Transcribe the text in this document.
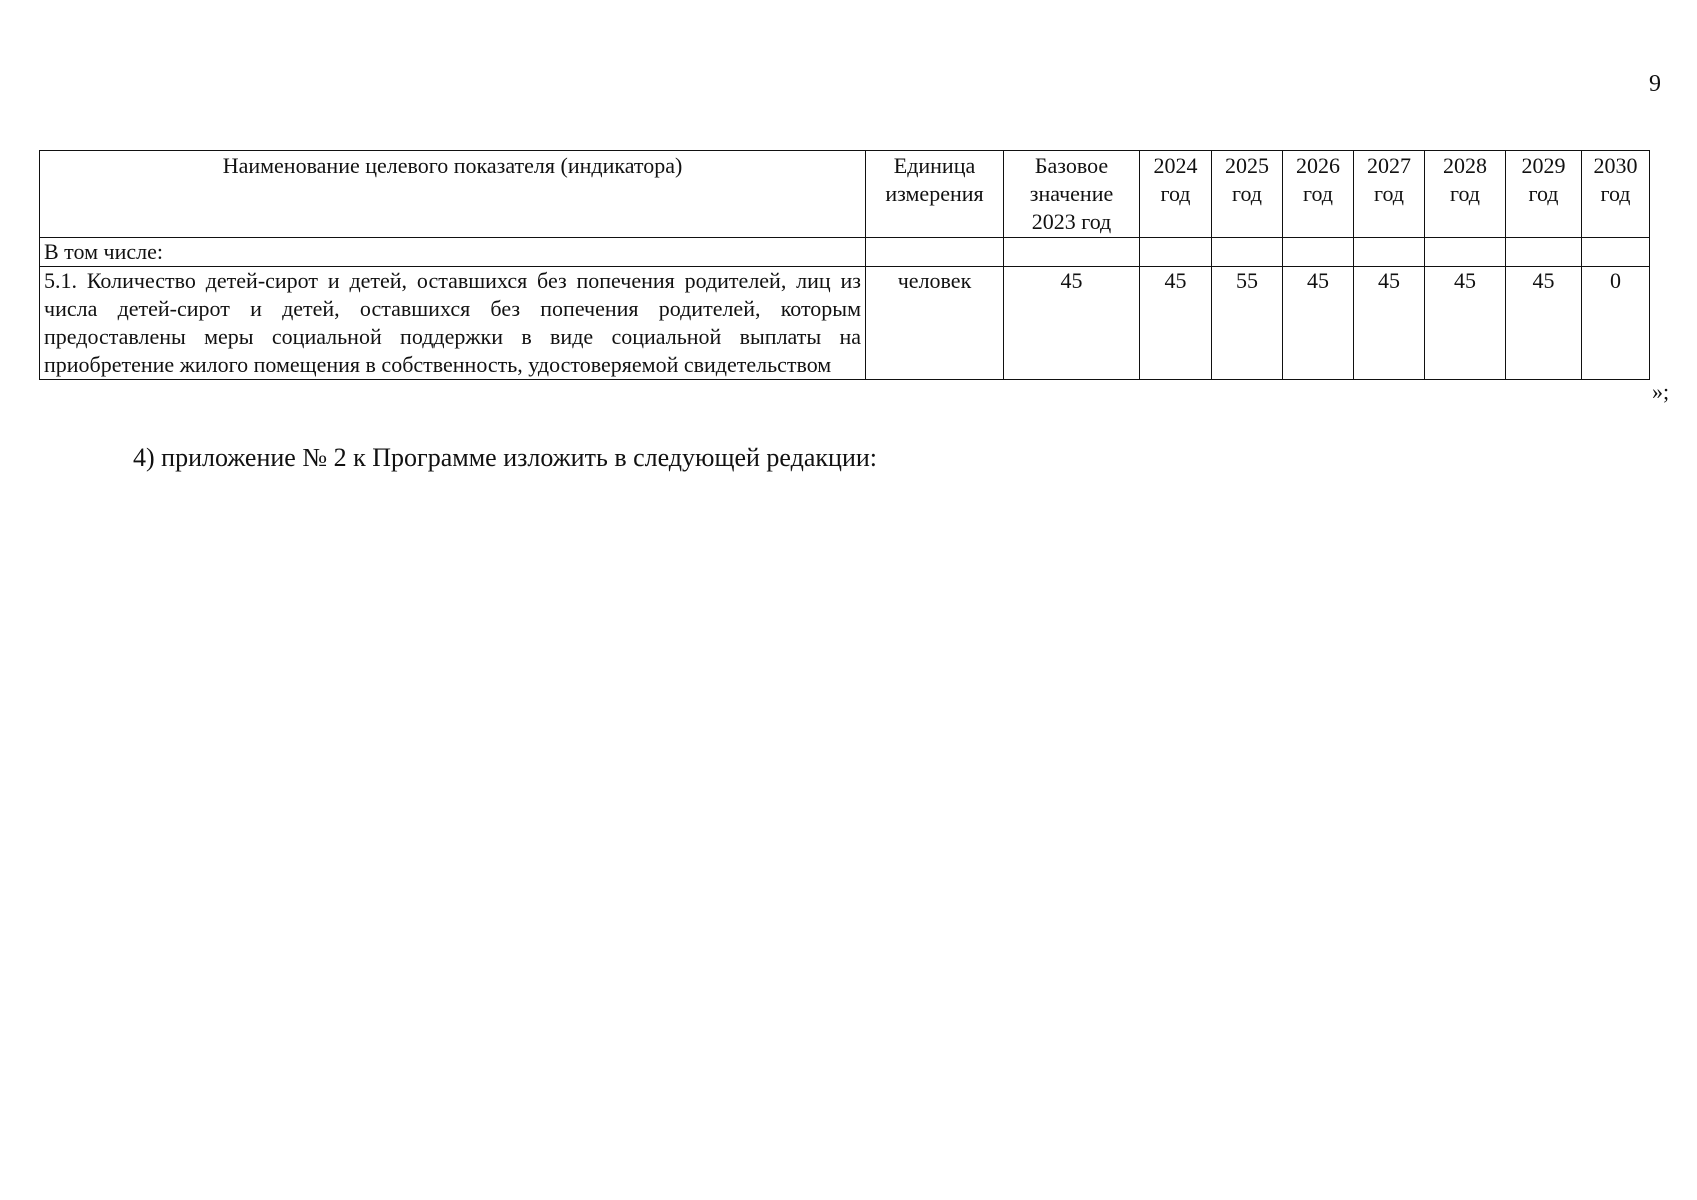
9
Наименование целевого показателя (индикатора)	Единица измерения	Базовое значение 2023 год	2024 год	2025 год	2026 год	2027 год	2028 год	2029 год	2030 год
В том числе:									
5.1. Количество детей-сирот и детей, оставшихся без попечения родителей, лиц из числа детей-сирот и детей, оставшихся без попечения родителей, которым предоставлены меры социальной поддержки в виде социальной выплаты на приобретение жилого помещения в собственность, удостоверяемой свидетельством	человек	45	45	55	45	45	45	45	0
»;
4) приложение № 2 к Программе изложить в следующей редакции:
